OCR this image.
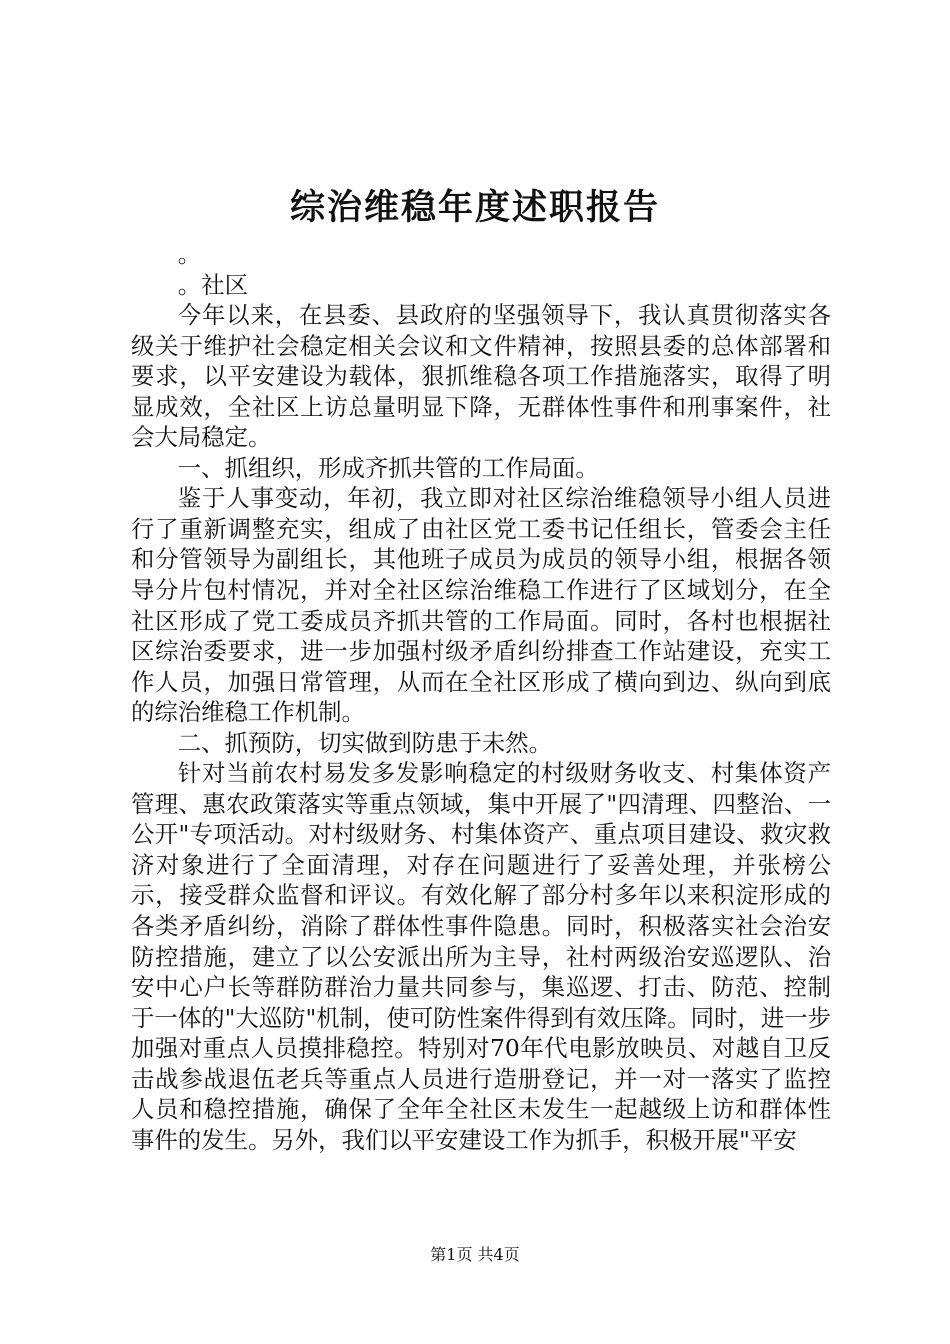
综治维稳年度述职报告

。

。社区

今年以来，在县委、县政府的坚强领导下，我认真贯彻落实各级关于维护社会稳定相关会议和文件精神，按照县委的总体部署和要求，以平安建设为载体，狠抓维稳各项工作措施落实，取得了明显成效，全社区上访总量明显下降，无群体性事件和刑事案件，社会大局稳定。

一、抓组织，形成齐抓共管的工作局面。

鉴于人事变动，年初，我立即对社区综治维稳领导小组人员进行了重新调整充实，组成了由社区党工委书记任组长，管委会主任和分管领导为副组长，其他班子成员为成员的领导小组，根据各领导分片包村情况，并对全社区综治维稳工作进行了区域划分，在全社区形成了党工委成员齐抓共管的工作局面。同时，各村也根据社区综治委要求，进一步加强村级矛盾纠纷排查工作站建设，充实工作人员，加强日常管理，从而在全社区形成了横向到边、纵向到底的综治维稳工作机制。

二、抓预防，切实做到防患于未然。

针对当前农村易发多发影响稳定的村级财务收支、村集体资产管理、惠农政策落实等重点领域，集中开展了"四清理、四整治、一公开"专项活动。对村级财务、村集体资产、重点项目建设、救灾救济对象进行了全面清理，对存在问题进行了妥善处理，并张榜公示，接受群众监督和评议。有效化解了部分村多年以来积淀形成的各类矛盾纠纷，消除了群体性事件隐患。同时，积极落实社会治安防控措施，建立了以公安派出所为主导，社村两级治安巡逻队、治安中心户长等群防群治力量共同参与，集巡逻、打击、防范、控制于一体的"大巡防"机制，使可防性案件得到有效压降。同时，进一步加强对重点人员摸排稳控。特别对70年代电影放映员、对越自卫反击战参战退伍老兵等重点人员进行造册登记，并一对一落实了监控人员和稳控措施，确保了全年全社区未发生一起越级上访和群体性事件的发生。另外，我们以平安建设工作为抓手，积极开展"平安

第1页 共4页
